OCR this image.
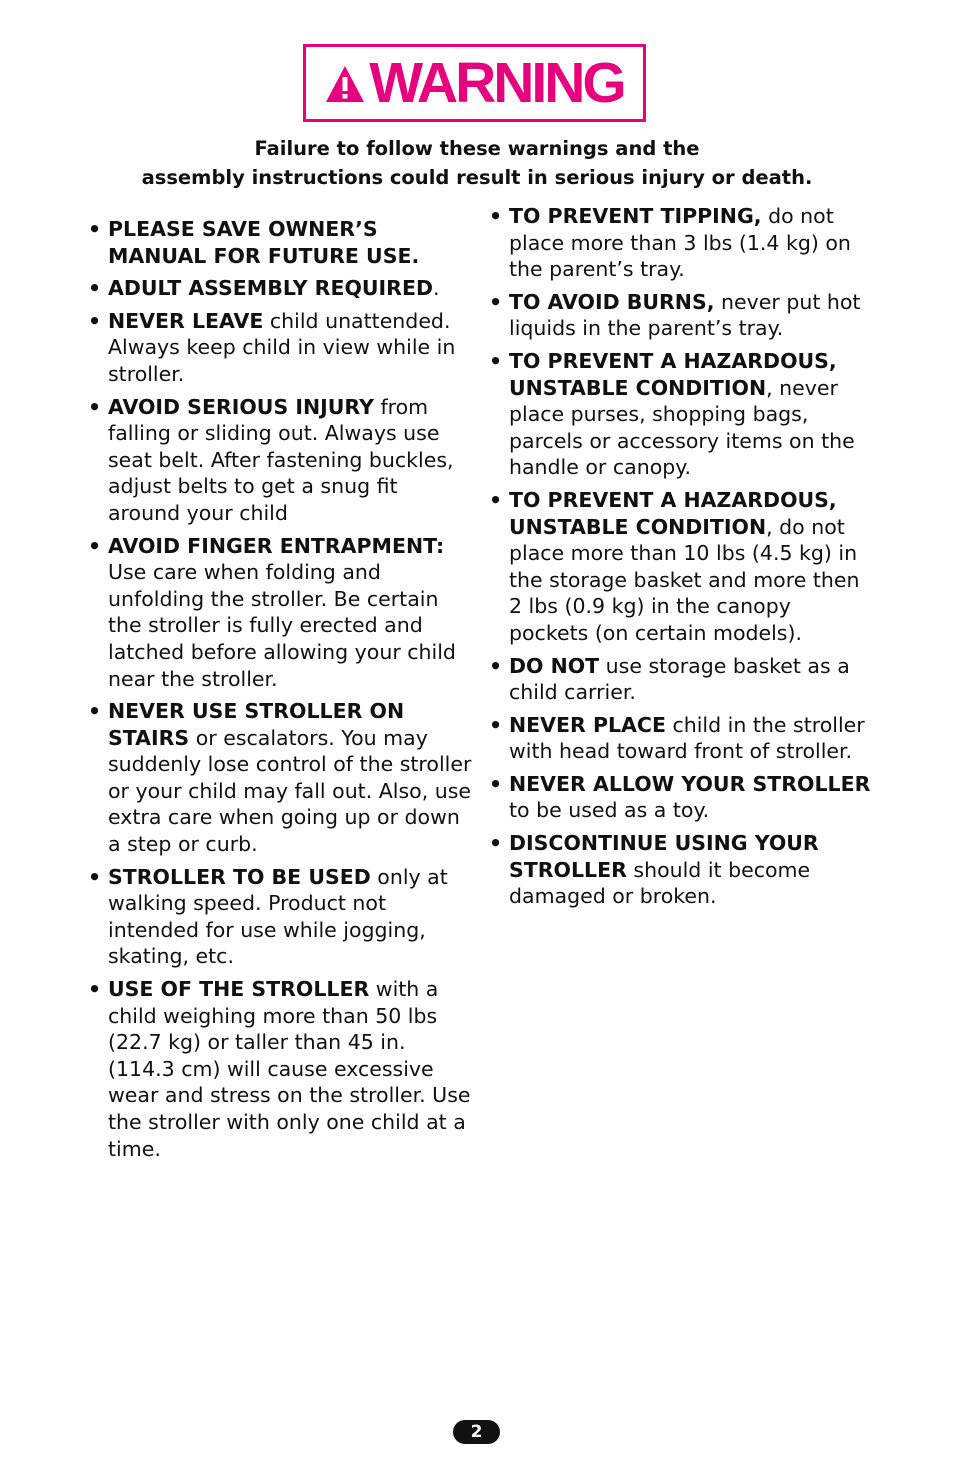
WARNING
Failure to follow these warnings and the
assembly instructions could result in serious injury or death.
• PLEASE SAVE OWNER’S MANUAL FOR FUTURE USE.
• ADULT ASSEMBLY REQUIRED.
• NEVER LEAVE child unattended. Always keep child in view while in stroller.
• AVOID SERIOUS INJURY from falling or sliding out. Always use seat belt. After fastening buckles, adjust belts to get a snug fit around your child
• AVOID FINGER ENTRAPMENT: Use care when folding and unfolding the stroller. Be certain the stroller is fully erected and latched before allowing your child near the stroller.
• NEVER USE STROLLER ON STAIRS or escalators. You may suddenly lose control of the stroller or your child may fall out. Also, use extra care when going up or down a step or curb.
• STROLLER TO BE USED only at walking speed. Product not intended for use while jogging, skating, etc.
• USE OF THE STROLLER with a child weighing more than 50 lbs (22.7 kg) or taller than 45 in. (114.3 cm) will cause excessive wear and stress on the stroller. Use the stroller with only one child at a time.
• TO PREVENT TIPPING, do not place more than 3 lbs (1.4 kg) on the parent’s tray.
• TO AVOID BURNS, never put hot liquids in the parent’s tray.
• TO PREVENT A HAZARDOUS, UNSTABLE CONDITION, never place purses, shopping bags, parcels or accessory items on the handle or canopy.
• TO PREVENT A HAZARDOUS, UNSTABLE CONDITION, do not place more than 10 lbs (4.5 kg) in the storage basket and more then 2 lbs (0.9 kg) in the canopy pockets (on certain models).
• DO NOT use storage basket as a child carrier.
• NEVER PLACE child in the stroller with head toward front of stroller.
• NEVER ALLOW YOUR STROLLER to be used as a toy.
• DISCONTINUE USING YOUR STROLLER should it become damaged or broken.
2
